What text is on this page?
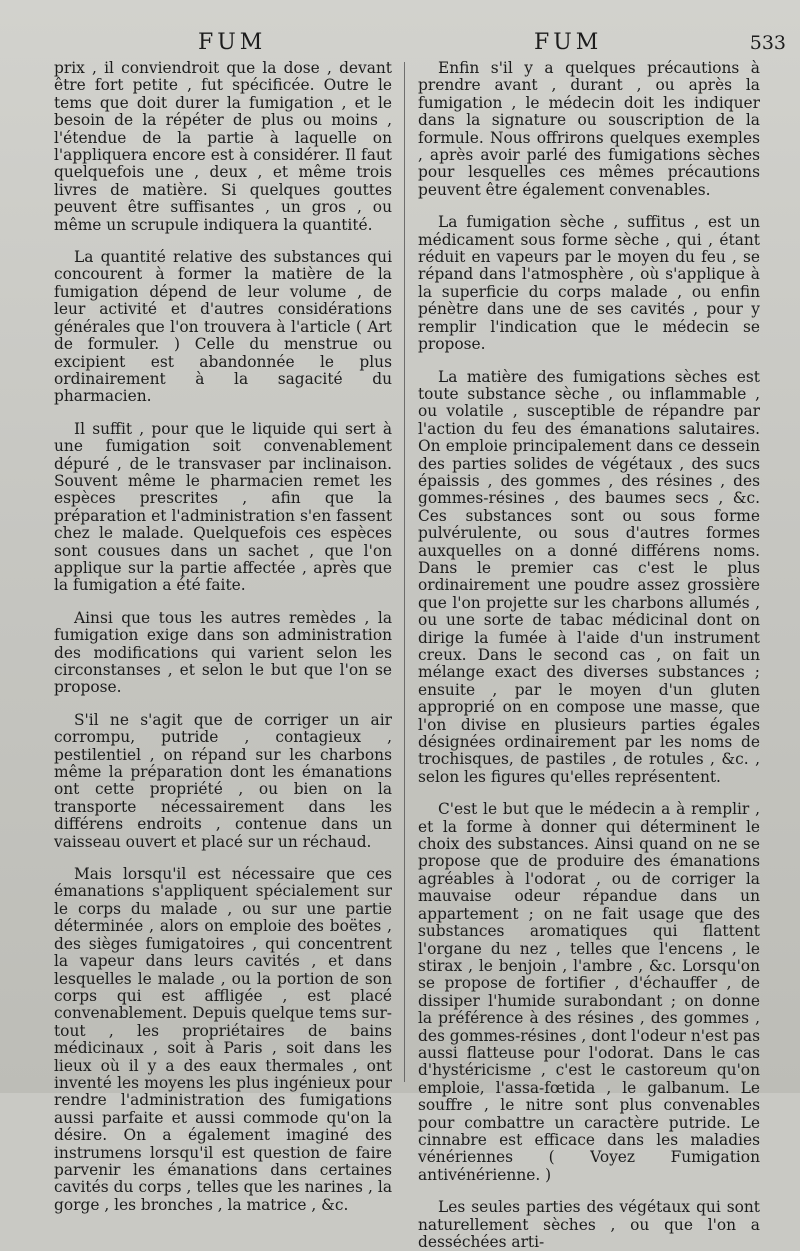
FUM	FUM	533

prix , il conviendroit que la dose , devant être fort petite , fut spécificée. Outre le tems que doit durer la fumigation , et le besoin de la répéter de plus ou moins , l'étendue de la partie à laquelle on l'appliquera encore est à considérer. Il faut quelquefois une , deux , et même trois livres de matière. Si quelques gouttes peuvent être suffisantes , un gros , ou même un scrupule indiquera la quantité.

La quantité relative des substances qui concourent à former la matière de la fumigation dépend de leur volume , de leur activité et d'autres considérations générales que l'on trouvera à l'article ( Art de formuler. ) Celle du menstrue ou excipient est abandonnée le plus ordinairement à la sagacité du pharmacien.

Il suffit , pour que le liquide qui sert à une fumigation soit convenablement dépuré , de le transvaser par inclinaison. Souvent même le pharmacien remet les espèces prescrites , afin que la préparation et l'administration s'en fassent chez le malade. Quelquefois ces espèces sont cousues dans un sachet , que l'on applique sur la partie affectée , après que la fumigation a été faite.

Ainsi que tous les autres remèdes , la fumigation exige dans son administration des modifications qui varient selon les circonstanses , et selon le but que l'on se propose.

S'il ne s'agit que de corriger un air corrompu, putride , contagieux , pestilentiel , on répand sur les charbons même la préparation dont les émanations ont cette propriété , ou bien on la transporte nécessairement dans les différens endroits , contenue dans un vaisseau ouvert et placé sur un réchaud.

Mais lorsqu'il est nécessaire que ces émanations s'appliquent spécialement sur le corps du malade , ou sur une partie déterminée , alors on emploie des boëtes , des sièges fumigatoires , qui concentrent la vapeur dans leurs cavités , et dans lesquelles le malade , ou la portion de son corps qui est affligée , est placé convenablement. Depuis quelque tems sur-tout , les propriétaires de bains médicinaux , soit à Paris , soit dans les lieux où il y a des eaux thermales , ont inventé les moyens les plus ingénieux pour rendre l'administration des fumigations aussi parfaite et aussi commode qu'on la désire. On a également imaginé des instrumens lorsqu'il est question de faire parvenir les émanations dans certaines cavités du corps , telles que les narines , la gorge , les bronches , la matrice , &c.

Enfin s'il y a quelques précautions à prendre avant , durant , ou après la fumigation , le médecin doit les indiquer dans la signature ou souscription de la formule. Nous offrirons quelques exemples , après avoir parlé des fumigations sèches pour lesquelles ces mêmes précautions peuvent être également convenables.

La fumigation sèche , suffitus , est un médicament sous forme sèche , qui , étant réduit en vapeurs par le moyen du feu , se répand dans l'atmosphère , où s'applique à la superficie du corps malade , ou enfin pénètre dans une de ses cavités , pour y remplir l'indication que le médecin se propose.

La matière des fumigations sèches est toute substance sèche , ou inflammable , ou volatile , susceptible de répandre par l'action du feu des émanations salutaires. On emploie principalement dans ce dessein des parties solides de végétaux , des sucs épaissis , des gommes , des résines , des gommes-résines , des baumes secs , &c. Ces substances sont ou sous forme pulvérulente, ou sous d'autres formes auxquelles on a donné différens noms. Dans le premier cas c'est le plus ordinairement une poudre assez grossière que l'on projette sur les charbons allumés , ou une sorte de tabac médicinal dont on dirige la fumée à l'aide d'un instrument creux. Dans le second cas , on fait un mélange exact des diverses substances ; ensuite , par le moyen d'un gluten approprié on en compose une masse, que l'on divise en plusieurs parties égales désignées ordinairement par les noms de trochisques, de pastiles , de rotules , &c. , selon les figures qu'elles représentent.

C'est le but que le médecin a à remplir , et la forme à donner qui déterminent le choix des substances. Ainsi quand on ne se propose que de produire des émanations agréables à l'odorat , ou de corriger la mauvaise odeur répandue dans un appartement ; on ne fait usage que des substances aromatiques qui flattent l'organe du nez , telles que l'encens , le stirax , le benjoin , l'ambre , &c. Lorsqu'on se propose de fortifier , d'échauffer , de dissiper l'humide surabondant ; on donne la préférence à des résines , des gommes , des gommes-résines , dont l'odeur n'est pas aussi flatteuse pour l'odorat. Dans le cas d'hystéricisme , c'est le castoreum qu'on emploie, l'assa-fœtida , le galbanum. Le souffre , le nitre sont plus convenables pour combattre un caractère putride. Le cinnabre est efficace dans les maladies vénériennes ( Voyez Fumigation antivénérienne. )

Les seules parties des végétaux qui sont naturellement sèches , ou que l'on a desséchées arti-
